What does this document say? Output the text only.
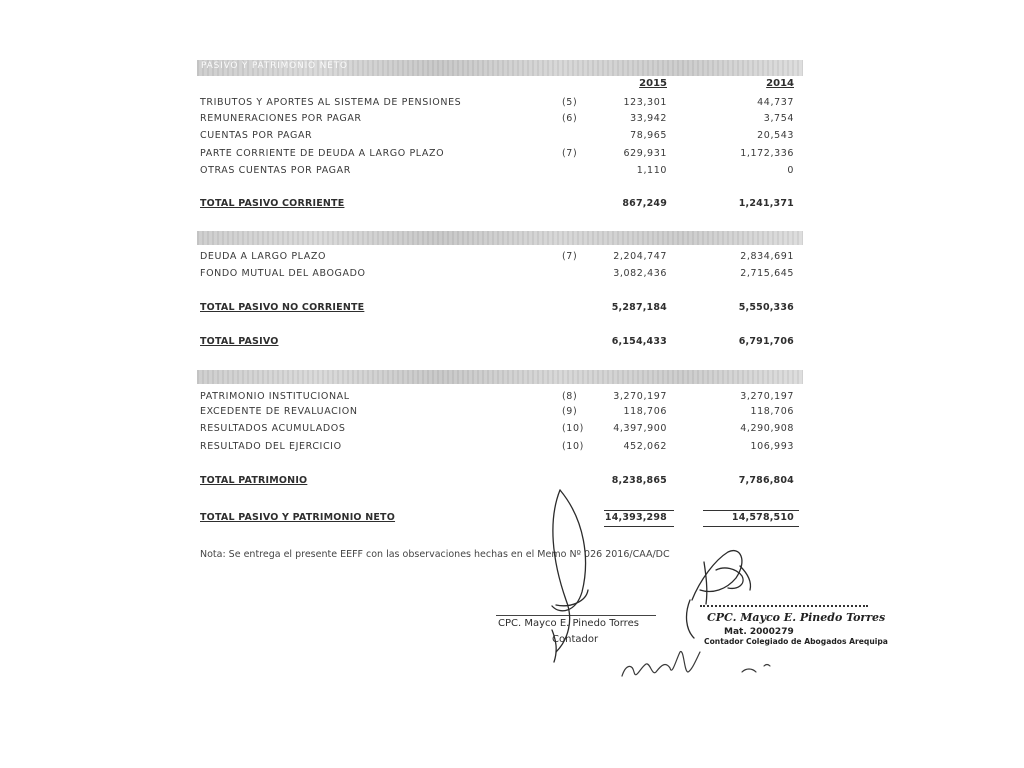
PASIVO Y PATRIMONIO NETO
2015	2014
TRIBUTOS Y APORTES AL SISTEMA DE PENSIONES	(5)	123,301	44,737
REMUNERACIONES POR PAGAR	(6)	33,942	3,754
CUENTAS POR PAGAR	78,965	20,543
PARTE CORRIENTE DE DEUDA A LARGO PLAZO	(7)	629,931	1,172,336
OTRAS CUENTAS POR PAGAR	1,110	0
TOTAL PASIVO CORRIENTE	867,249	1,241,371
DEUDA A LARGO PLAZO	(7)	2,204,747	2,834,691
FONDO MUTUAL DEL ABOGADO	3,082,436	2,715,645
TOTAL PASIVO NO CORRIENTE	5,287,184	5,550,336
TOTAL PASIVO	6,154,433	6,791,706
PATRIMONIO INSTITUCIONAL	(8)	3,270,197	3,270,197
EXCEDENTE DE REVALUACION	(9)	118,706	118,706
RESULTADOS ACUMULADOS	(10)	4,397,900	4,290,908
RESULTADO DEL EJERCICIO	(10)	452,062	106,993
TOTAL PATRIMONIO	8,238,865	7,786,804
TOTAL PASIVO Y PATRIMONIO NETO	14,393,298	14,578,510
Nota: Se entrega el presente EEFF con las observaciones hechas en el Memo Nº 026 2016/CAA/DC
CPC. Mayco E. Pinedo Torres
Contador
CPC. Mayco E. Pinedo Torres
Mat. 2000279
Contador Colegiado de Abogados Arequipa
